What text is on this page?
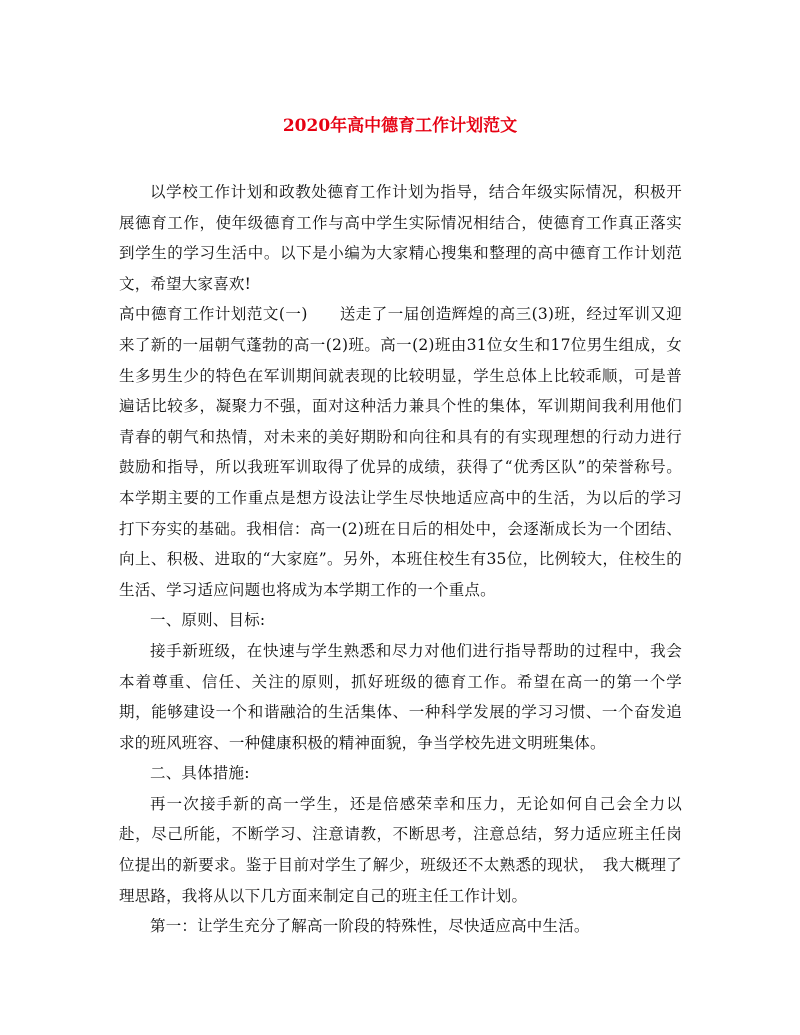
2020年高中德育工作计划范文

以学校工作计划和政教处德育工作计划为指导，结合年级实际情况，积极开展德育工作，使年级德育工作与高中学生实际情况相结合，使德育工作真正落实到学生的学习生活中。以下是小编为大家精心搜集和整理的高中德育工作计划范文，希望大家喜欢!

高中德育工作计划范文(一)　　送走了一届创造辉煌的高三(3)班，经过军训又迎来了新的一届朝气蓬勃的高一(2)班。高一(2)班由31位女生和17位男生组成，女生多男生少的特色在军训期间就表现的比较明显，学生总体上比较乖顺，可是普遍话比较多，凝聚力不强，面对这种活力兼具个性的集体，军训期间我利用他们青春的朝气和热情，对未来的美好期盼和向往和具有的有实现理想的行动力进行鼓励和指导，所以我班军训取得了优异的成绩，获得了“优秀区队”的荣誉称号。本学期主要的工作重点是想方设法让学生尽快地适应高中的生活，为以后的学习打下夯实的基础。我相信：高一(2)班在日后的相处中，会逐渐成长为一个团结、向上、积极、进取的“大家庭”。另外，本班住校生有35位，比例较大，住校生的生活、学习适应问题也将成为本学期工作的一个重点。

一、原则、目标:

接手新班级，在快速与学生熟悉和尽力对他们进行指导帮助的过程中，我会本着尊重、信任、关注的原则，抓好班级的德育工作。希望在高一的第一个学期，能够建设一个和谐融洽的生活集体、一种科学发展的学习习惯、一个奋发追求的班风班容、一种健康积极的精神面貌，争当学校先进文明班集体。

二、具体措施:

再一次接手新的高一学生，还是倍感荣幸和压力，无论如何自己会全力以赴，尽己所能，不断学习、注意请教，不断思考，注意总结，努力适应班主任岗位提出的新要求。鉴于目前对学生了解少，班级还不太熟悉的现状，　我大概理了理思路，我将从以下几方面来制定自己的班主任工作计划。

第一：让学生充分了解高一阶段的特殊性，尽快适应高中生活。
